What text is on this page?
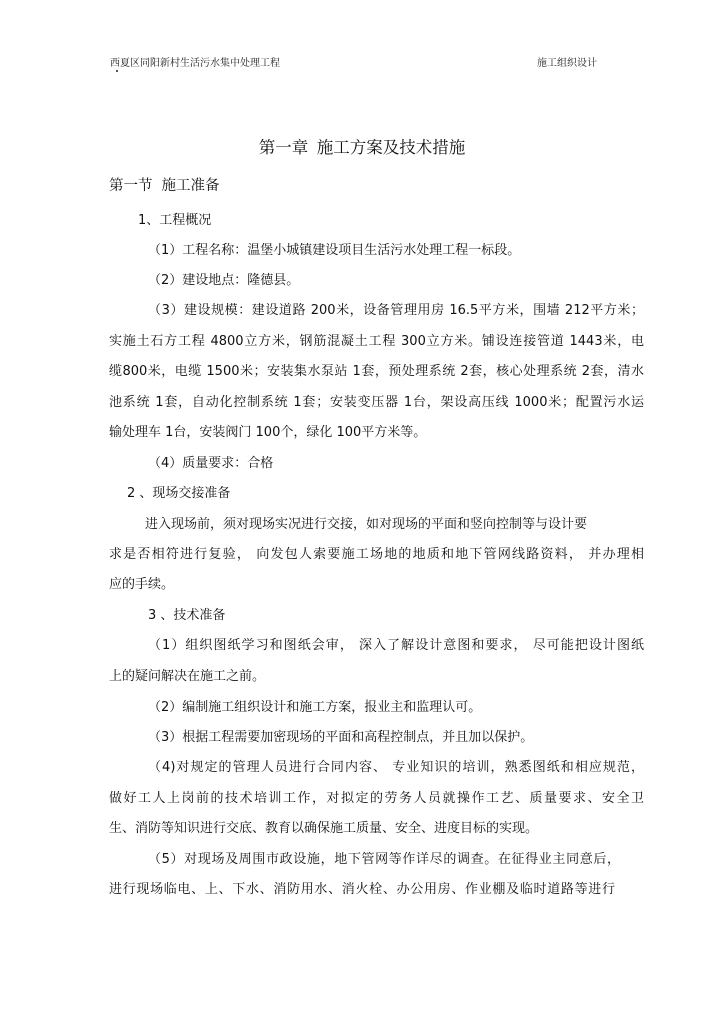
西夏区同阳新村生活污水集中处理工程	施工组织设计
第一章 施工方案及技术措施
第一节 施工准备
1、工程概况
（1）工程名称：温堡小城镇建设项目生活污水处理工程一标段。
（2）建设地点：隆德县。
（3）建设规模：建设道路 200米，设备管理用房 16.5平方米，围墙 212平方米；
实施土石方工程 4800立方米，钢筋混凝土工程 300立方米。铺设连接管道 1443米，电
缆800米，电缆 1500米；安装集水泵站 1套，预处理系统 2套，核心处理系统 2套，清水
池系统 1套，自动化控制系统 1套；安装变压器 1台，架设高压线 1000米；配置污水运
输处理车 1台，安装阀门 100个，绿化 100平方米等。
（4）质量要求：合格
2 、现场交接准备
进入现场前，须对现场实况进行交接，如对现场的平面和竖向控制等与设计要
求是否相符进行复验， 向发包人索要施工场地的地质和地下管网线路资料， 并办理相
应的手续。
3 、技术准备
（1）组织图纸学习和图纸会审， 深入了解设计意图和要求， 尽可能把设计图纸
上的疑问解决在施工之前。
（2）编制施工组织设计和施工方案，报业主和监理认可。
（3）根据工程需要加密现场的平面和高程控制点，并且加以保护。
（4)对规定的管理人员进行合同内容、 专业知识的培训，熟悉图纸和相应规范，
做好工人上岗前的技术培训工作，对拟定的劳务人员就操作工艺、质量要求、安全卫
生、消防等知识进行交底、教育以确保施工质量、安全、进度目标的实现。
（5）对现场及周围市政设施，地下管网等作详尽的调查。在征得业主同意后，
进行现场临电、上、下水、消防用水、消火栓、办公用房、作业棚及临时道路等进行
